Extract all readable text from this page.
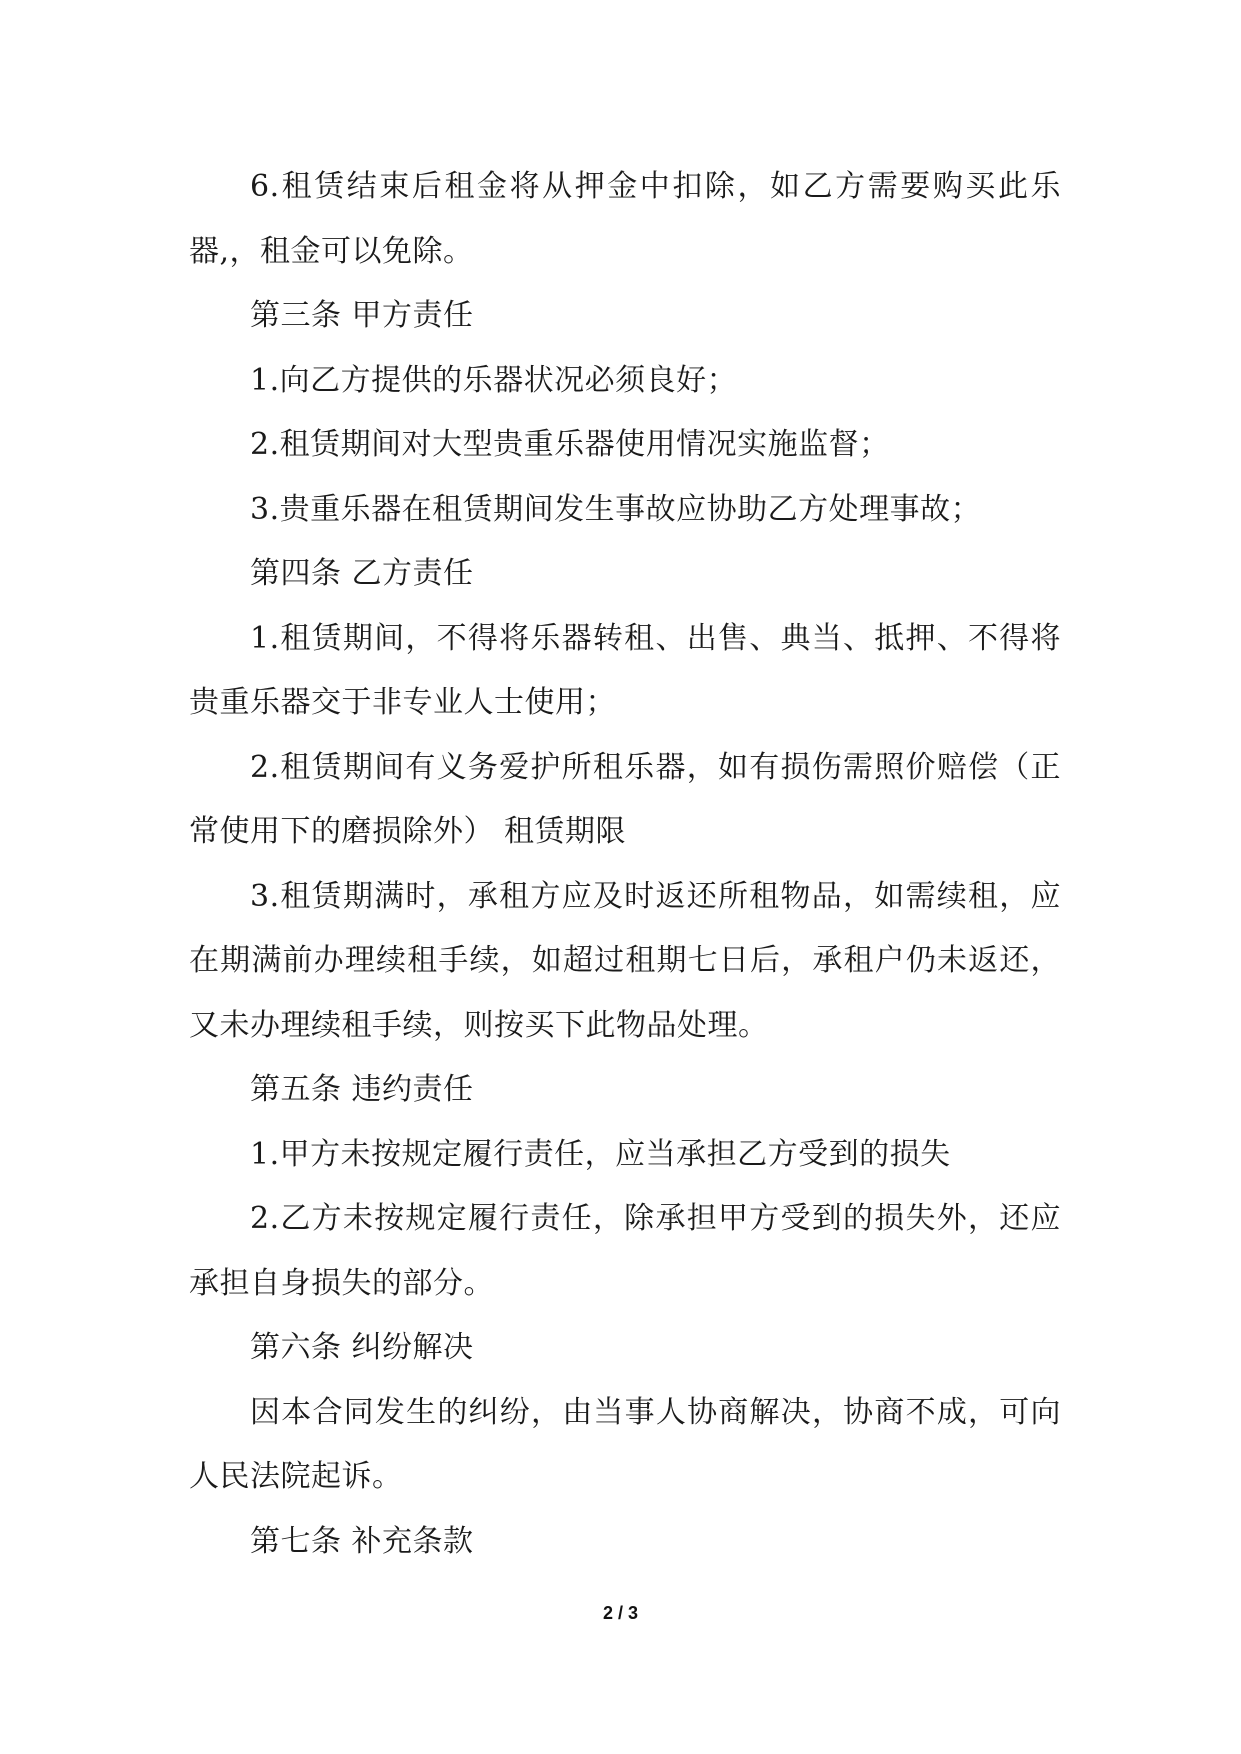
6.租赁结束后租金将从押金中扣除，如乙方需要购买此乐器,，租金可以免除。

第三条 甲方责任

1.向乙方提供的乐器状况必须良好；

2.租赁期间对大型贵重乐器使用情况实施监督；

3.贵重乐器在租赁期间发生事故应协助乙方处理事故；

第四条 乙方责任

1.租赁期间，不得将乐器转租、出售、典当、抵押、不得将贵重乐器交于非专业人士使用；

2.租赁期间有义务爱护所租乐器，如有损伤需照价赔偿（正常使用下的磨损除外） 租赁期限

3.租赁期满时，承租方应及时返还所租物品，如需续租，应在期满前办理续租手续，如超过租期七日后，承租户仍未返还，又未办理续租手续，则按买下此物品处理。

第五条 违约责任

1.甲方未按规定履行责任，应当承担乙方受到的损失

2.乙方未按规定履行责任，除承担甲方受到的损失外，还应承担自身损失的部分。

第六条 纠纷解决

因本合同发生的纠纷，由当事人协商解决，协商不成，可向人民法院起诉。

第七条 补充条款

2 / 3
